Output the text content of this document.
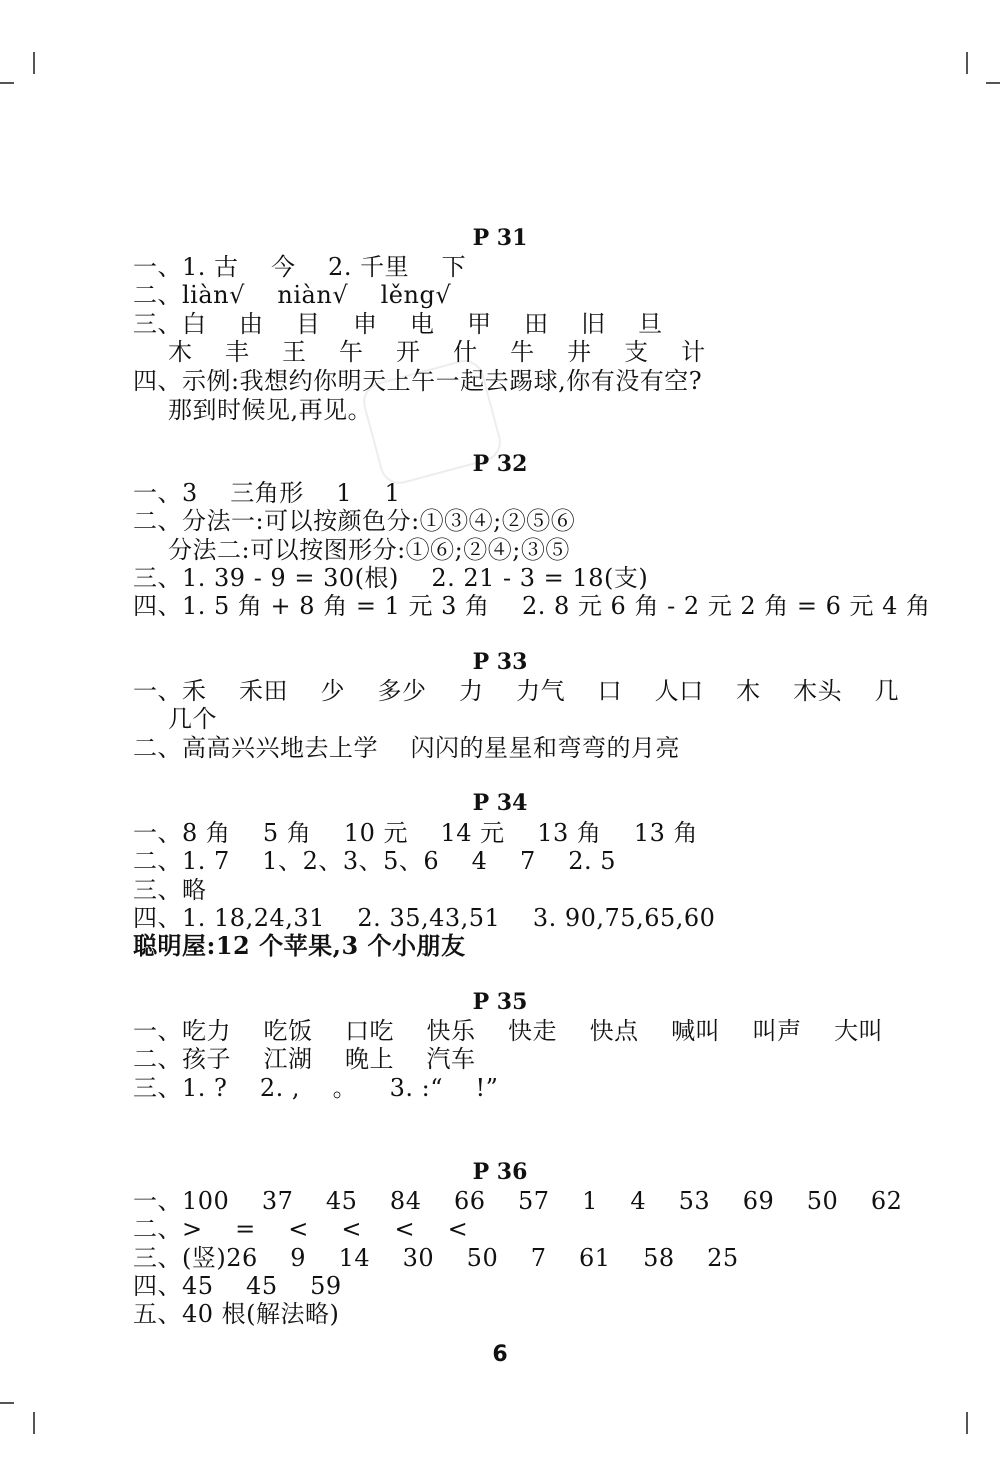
P 31
一、1. 古    今    2. 千里    下
二、liàn√    niàn√    lěng√
三、白    由    目    申    电    甲    田    旧    旦
木    丰    王    午    开    什    牛    井    支    计
四、示例:我想约你明天上午一起去踢球,你有没有空?
那到时候见,再见。
P 32
一、3    三角形    1    1
二、分法一:可以按颜色分:①③④;②⑤⑥
分法二:可以按图形分:①⑥;②④;③⑤
三、1. 39 - 9 = 30(根)    2. 21 - 3 = 18(支)
四、1. 5 角 + 8 角 = 1 元 3 角    2. 8 元 6 角 - 2 元 2 角 = 6 元 4 角
P 33
一、禾    禾田    少    多少    力    力气    口    人口    木    木头    几
几个
二、高高兴兴地去上学    闪闪的星星和弯弯的月亮
P 34
一、8 角    5 角    10 元    14 元    13 角    13 角
二、1. 7    1、2、3、5、6    4    7    2. 5
三、略
四、1. 18,24,31    2. 35,43,51    3. 90,75,65,60
聪明屋:12 个苹果,3 个小朋友
P 35
一、吃力    吃饭    口吃    快乐    快走    快点    喊叫    叫声    大叫
二、孩子    江湖    晚上    汽车
三、1. ?    2. ,    。    3. :“    !”
P 36
一、100    37    45    84    66    57    1    4    53    69    50    62
二、>    =    <    <    <    <
三、(竖)26    9    14    30    50    7    61    58    25
四、45    45    59
五、40 根(解法略)
6
